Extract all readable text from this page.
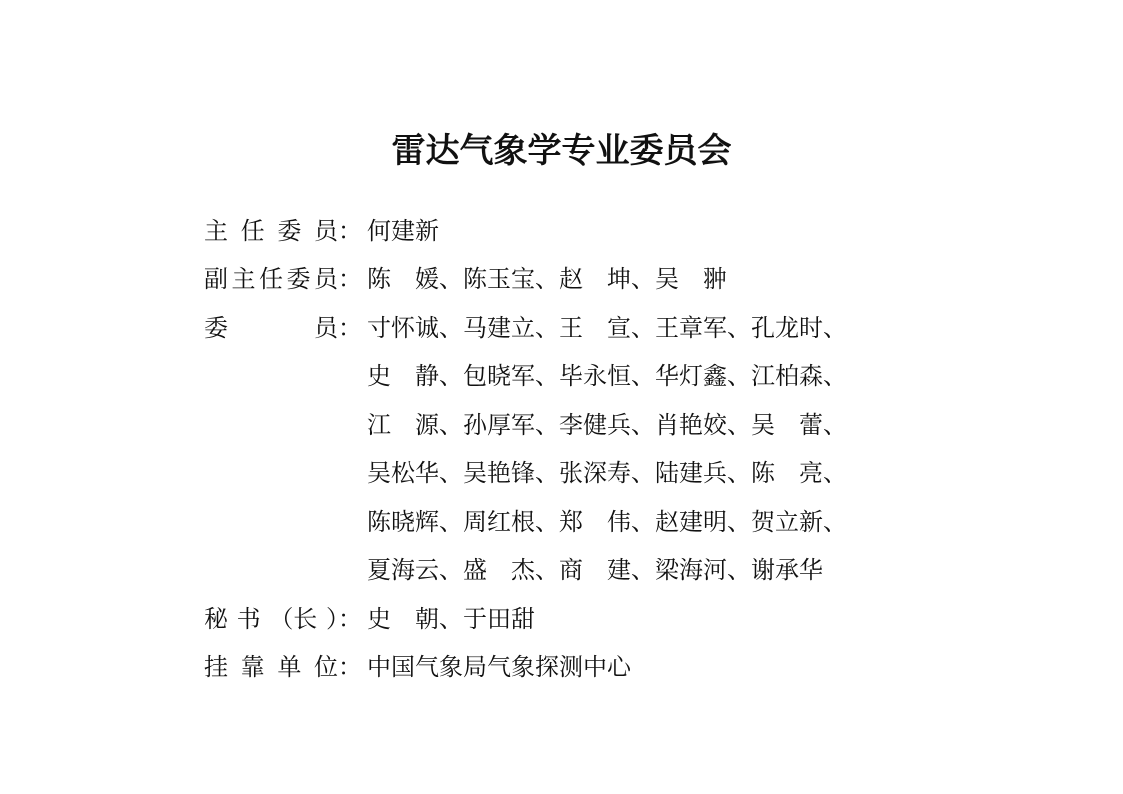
雷达气象学专业委员会
主 任 委 员： 何建新
副 主 任 委 员： 陈　媛、陈玉宝、赵　坤、吴　翀
委	员： 寸怀诚、马建立、王　宣、王章军、孔龙时、
史　静、包晓军、毕永恒、华灯鑫、江柏森、
江　源、孙厚军、李健兵、肖艳姣、吴　蕾、
吴松华、吴艳锋、张深寿、陆建兵、陈　亮、
陈晓辉、周红根、郑　伟、赵建明、贺立新、
夏海云、盛　杰、商　建、梁海河、谢承华
秘 书 （长 ）： 史　朝、于田甜
挂 靠 单 位： 中国气象局气象探测中心
